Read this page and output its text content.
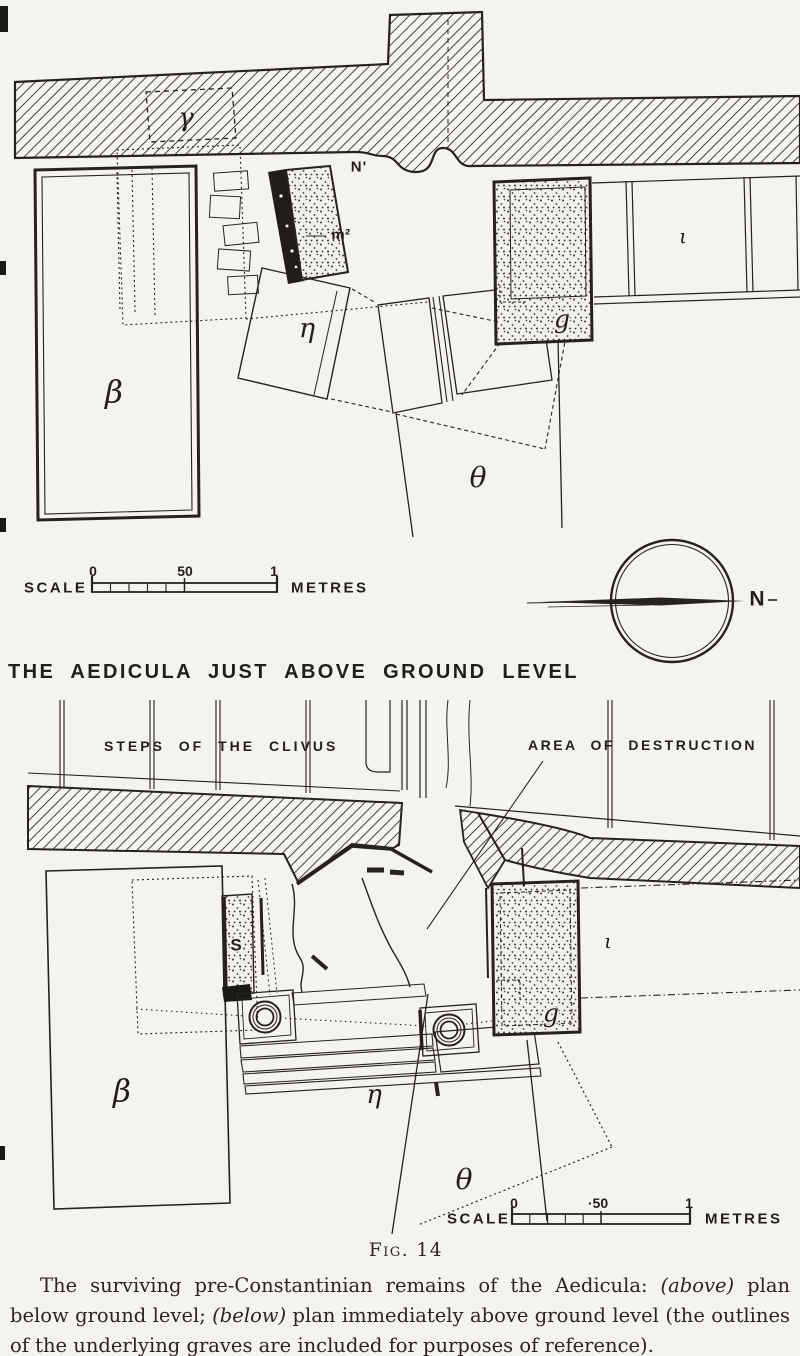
γ
N'
m²
η
β
g
ι
θ
SCALE
0	50	1
METRES	N
THE AEDICULA JUST ABOVE GROUND LEVEL
STEPS OF THE CLIVUS	AREA OF DESTRUCTION
S
β	η
θ
ι
g
SCALE
0	·50	1
METRES
Fig. 14

The surviving pre-Constantinian remains of the Aedicula: (above) plan below ground level; (below) plan immediately above ground level (the outlines of the underlying graves are included for purposes of reference).
